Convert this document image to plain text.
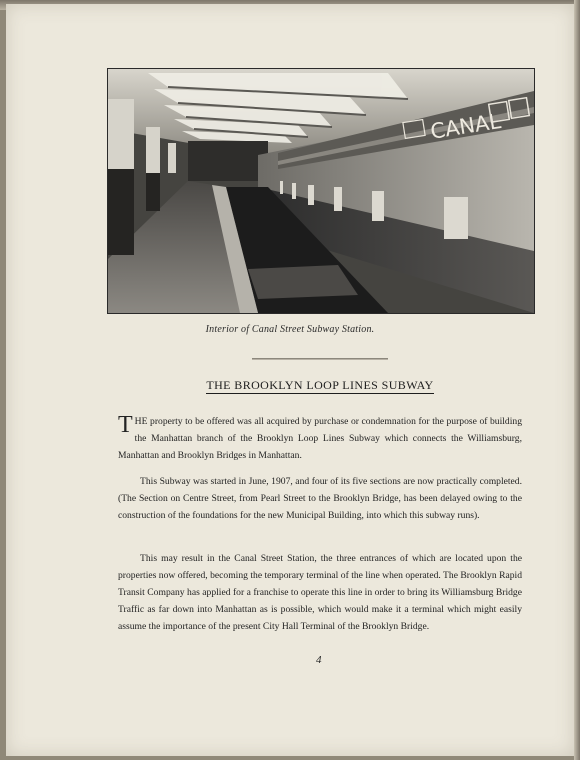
CANAL
Interior of Canal Street Subway Station.
THE BROOKLYN LOOP LINES SUBWAY
THE property to be offered was all acquired by purchase or condemnation for the purpose of building the Manhattan branch of the Brooklyn Loop Lines Subway which connects the Williamsburg, Manhattan and Brooklyn Bridges in Manhattan.
This Subway was started in June, 1907, and four of its five sections are now practically completed. (The Section on Centre Street, from Pearl Street to the Brooklyn Bridge, has been delayed owing to the construction of the foundations for the new Municipal Building, into which this subway runs).
This may result in the Canal Street Station, the three entrances of which are located upon the properties now offered, becoming the temporary terminal of the line when operated. The Brooklyn Rapid Transit Company has applied for a franchise to operate this line in order to bring its Williamsburg Bridge Traffic as far down into Manhattan as is possible, which would make it a terminal which might easily assume the importance of the present City Hall Terminal of the Brooklyn Bridge.
4
